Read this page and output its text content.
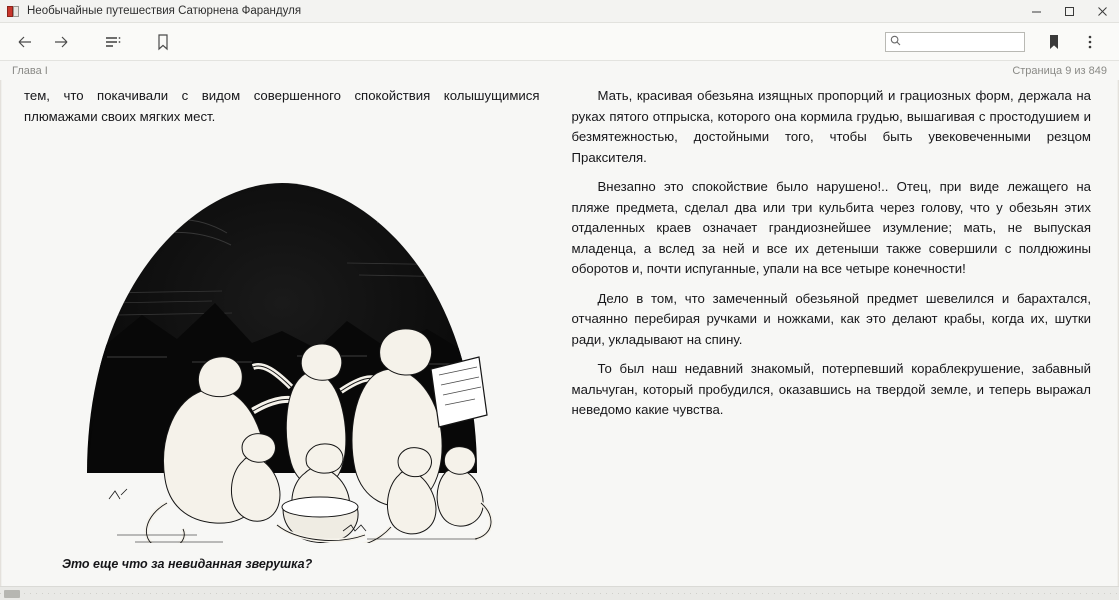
Необычайные путешествия Сатюрнена Фарандуля
Глава I	Страница 9 из 849

тем, что покачивали с видом совершенного спокойствия колышущимися плюмажами своих мягких мест.

Это еще что за невиданная зверушка?

Мать, красивая обезьяна изящных пропорций и грациозных форм, держала на руках пятого отпрыска, которого она кормила грудью, вышагивая с простодушием и безмятежностью, достойными того, чтобы быть увековеченными резцом Праксителя.

Внезапно это спокойствие было нарушено!.. Отец, при виде лежащего на пляже предмета, сделал два или три кульбита через голову, что у обезьян этих отдаленных краев означает грандиознейшее изумление; мать, не выпуская младенца, а вслед за ней и все их детеныши также совершили с полдюжины оборотов и, почти испуганные, упали на все четыре конечности!

Дело в том, что замеченный обезьяной предмет шевелился и барахтался, отчаянно перебирая ручками и ножками, как это делают крабы, когда их, шутки ради, укладывают на спину.

То был наш недавний знакомый, потерпевший кораблекрушение, забавный мальчуган, который пробудился, оказавшись на твердой земле, и теперь выражал неведомо какие чувства.
